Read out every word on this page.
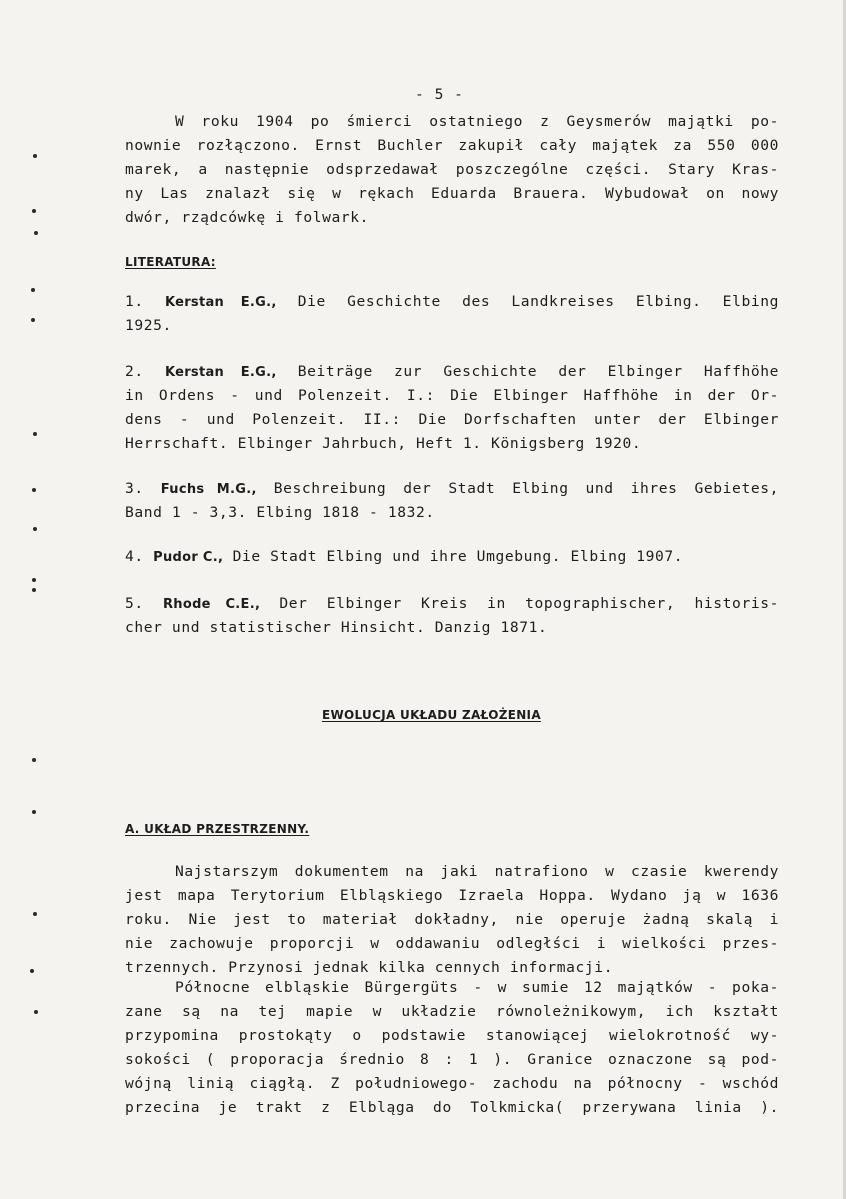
- 5 -
W roku 1904 po śmierci ostatniego z Geysmerów majątki po-
nownie rozłączono. Ernst Buchler zakupił cały majątek za 550 000
marek, a następnie odsprzedawał poszczególne części. Stary Kras-
ny Las znalazł się w rękach Eduarda Brauera. Wybudował on nowy
dwór, rządcówkę i folwark.
LITERATURA:
1. Kerstan E.G., Die Geschichte des Landkreises Elbing. Elbing
1925.
2. Kerstan E.G., Beiträge zur Geschichte der Elbinger Haffhöhe
in Ordens - und Polenzeit. I.: Die Elbinger Haffhöhe in der Or-
dens - und Polenzeit. II.: Die Dorfschaften unter der Elbinger
Herrschaft. Elbinger Jahrbuch, Heft 1. Königsberg 1920.
3. Fuchs M.G., Beschreibung der Stadt Elbing und ihres Gebietes,
Band 1 - 3,3. Elbing 1818 - 1832.
4. Pudor C., Die Stadt Elbing und ihre Umgebung. Elbing 1907.
5. Rhode C.E., Der Elbinger Kreis in topographischer, historis-
cher und statistischer Hinsicht. Danzig 1871.
EWOLUCJA UKŁADU ZAŁOŻENIA
A. UKŁAD PRZESTRZENNY.
Najstarszym dokumentem na jaki natrafiono w czasie kwerendy
jest mapa Terytorium Elbląskiego Izraela Hoppa. Wydano ją w 1636
roku. Nie jest to materiał dokładny, nie operuje żadną skalą i
nie zachowuje proporcji w oddawaniu odległści i wielkości przes-
trzennych. Przynosi jednak kilka cennych informacji.
Północne elbląskie Bürgergüts - w sumie 12 majątków - poka-
zane są na tej mapie w układzie równoleżnikowym, ich kształt
przypomina prostokąty o podstawie stanowiącej wielokrotność wy-
sokości ( proporacja średnio 8 : 1 ). Granice oznaczone są pod-
wójną linią ciągłą. Z południowego- zachodu na północny - wschód
przecina je trakt z Elbląga do Tolkmicka( przerywana linia ).
